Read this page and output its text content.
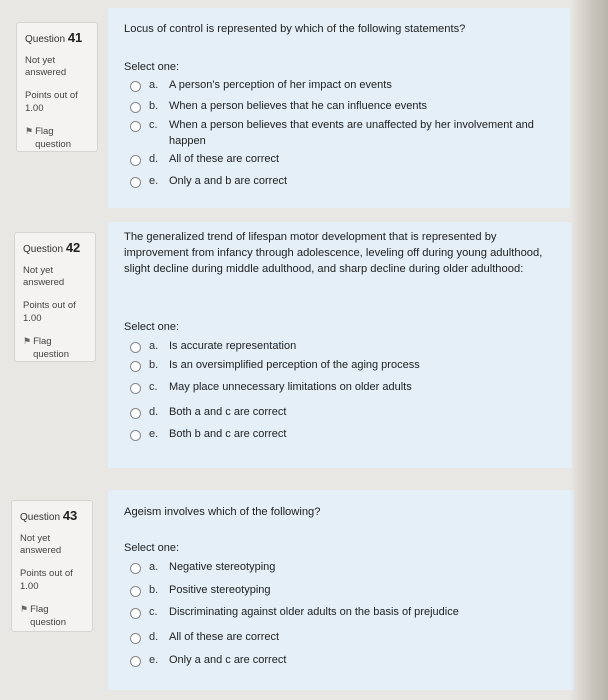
Question 41
Not yet answered
Points out of 1.00
⚑ Flag question
Locus of control is represented by which of the following statements?
Select one:
a. A person's perception of her impact on events
b. When a person believes that he can influence events
c.	When a person believes that events are unaffected by her involvement and happen
d. All of these are correct
e. Only a and b are correct
Question 42
Not yet answered
Points out of 1.00
⚑ Flag question
The generalized trend of lifespan motor development that is represented by improvement from infancy through adolescence, leveling off during young adulthood, slight decline during middle adulthood, and sharp decline during older adulthood:
Select one:
a. Is accurate representation
b. Is an oversimplified perception of the aging process
c.	May place unnecessary limitations on older adults
d. Both a and c are correct
e. Both b and c are correct
Question 43
Not yet answered
Points out of 1.00
⚑ Flag question
Ageism involves which of the following?
Select one:
a. Negative stereotyping
b. Positive stereotyping
c.	Discriminating against older adults on the basis of prejudice
d. All of these are correct
e. Only a and c are correct
